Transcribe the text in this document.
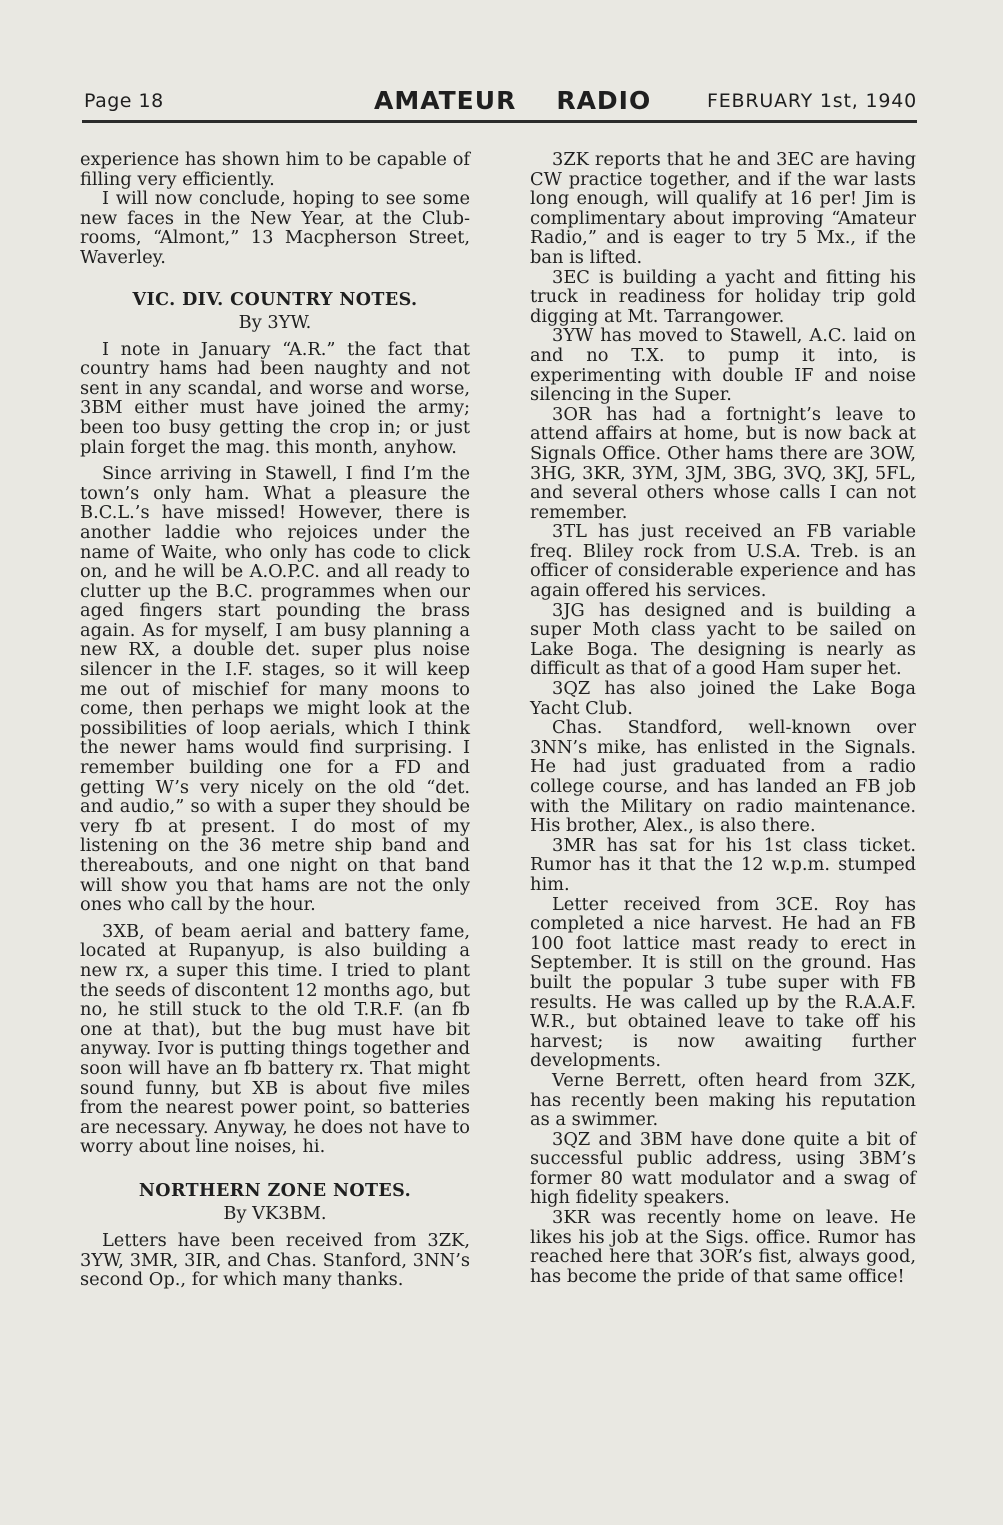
Page 18	AMATEUR RADIO	FEBRUARY 1st, 1940

experience has shown him to be capable of filling very efficiently.

I will now conclude, hoping to see some new faces in the New Year, at the Club-rooms, “Almont,” 13 Macpherson Street, Waverley.

VIC. DIV. COUNTRY NOTES.
By 3YW.

I note in January “A.R.” the fact that country hams had been naughty and not sent in any scandal, and worse and worse, 3BM either must have joined the army; been too busy getting the crop in; or just plain forget the mag. this month, anyhow.

Since arriving in Stawell, I find I’m the town’s only ham. What a pleasure the B.C.L.’s have missed! However, there is another laddie who rejoices under the name of Waite, who only has code to click on, and he will be A.O.P.C. and all ready to clutter up the B.C. programmes when our aged fingers start pounding the brass again. As for myself, I am busy planning a new RX, a double det. super plus noise silencer in the I.F. stages, so it will keep me out of mischief for many moons to come, then perhaps we might look at the possibilities of loop aerials, which I think the newer hams would find surprising. I remember building one for a FD and getting W’s very nicely on the old “det. and audio,” so with a super they should be very fb at present. I do most of my listening on the 36 metre ship band and thereabouts, and one night on that band will show you that hams are not the only ones who call by the hour.

3XB, of beam aerial and battery fame, located at Rupanyup, is also building a new rx, a super this time. I tried to plant the seeds of discontent 12 months ago, but no, he still stuck to the old T.R.F. (an fb one at that), but the bug must have bit anyway. Ivor is putting things together and soon will have an fb battery rx. That might sound funny, but XB is about five miles from the nearest power point, so batteries are necessary. Anyway, he does not have to worry about line noises, hi.

NORTHERN ZONE NOTES.
By VK3BM.

Letters have been received from 3ZK, 3YW, 3MR, 3IR, and Chas. Stanford, 3NN’s second Op., for which many thanks.

3ZK reports that he and 3EC are having CW practice together, and if the war lasts long enough, will qualify at 16 per! Jim is complimentary about improving “Amateur Radio,” and is eager to try 5 Mx., if the ban is lifted.

3EC is building a yacht and fitting his truck in readiness for holiday trip gold digging at Mt. Tarrangower.

3YW has moved to Stawell, A.C. laid on and no T.X. to pump it into, is experimenting with double IF and noise silencing in the Super.

3OR has had a fortnight’s leave to attend affairs at home, but is now back at Signals Office. Other hams there are 3OW, 3HG, 3KR, 3YM, 3JM, 3BG, 3VQ, 3KJ, 5FL, and several others whose calls I can not remember.

3TL has just received an FB variable freq. Bliley rock from U.S.A. Treb. is an officer of considerable experience and has again offered his services.

3JG has designed and is building a super Moth class yacht to be sailed on Lake Boga. The designing is nearly as difficult as that of a good Ham super het.

3QZ has also joined the Lake Boga Yacht Club.

Chas. Standford, well-known over 3NN’s mike, has enlisted in the Signals. He had just graduated from a radio college course, and has landed an FB job with the Military on radio maintenance. His brother, Alex., is also there.

3MR has sat for his 1st class ticket. Rumor has it that the 12 w.p.m. stumped him.

Letter received from 3CE. Roy has completed a nice harvest. He had an FB 100 foot lattice mast ready to erect in September. It is still on the ground. Has built the popular 3 tube super with FB results. He was called up by the R.A.A.F. W.R., but obtained leave to take off his harvest; is now awaiting further developments.

Verne Berrett, often heard from 3ZK, has recently been making his reputation as a swimmer.

3QZ and 3BM have done quite a bit of successful public address, using 3BM’s former 80 watt modulator and a swag of high fidelity speakers.

3KR was recently home on leave. He likes his job at the Sigs. office. Rumor has reached here that 3OR’s fist, always good, has become the pride of that same office!
